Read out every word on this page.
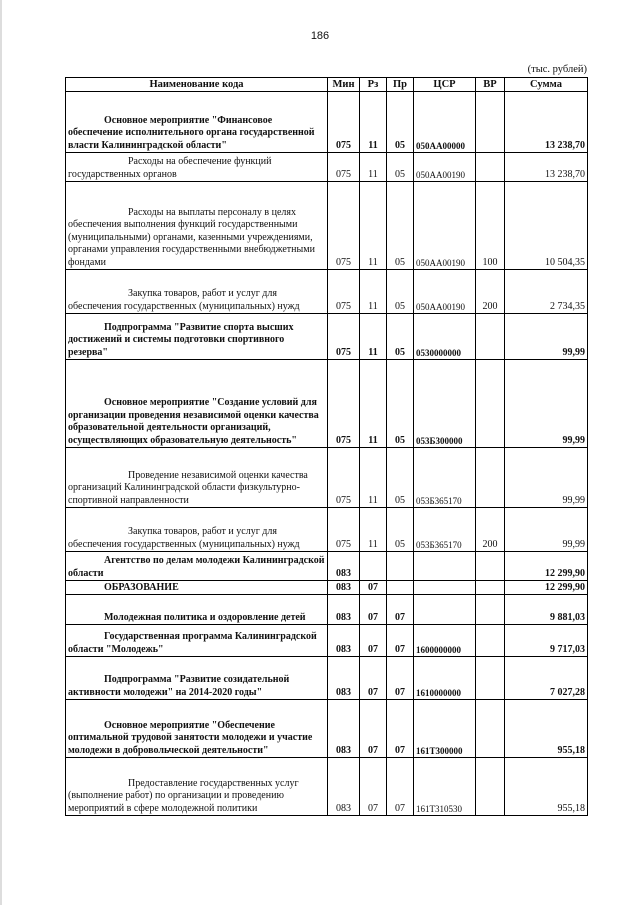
186
(тыс. рублей)
Наименование кода	Мин	Рз	Пр	ЦСР	ВР	Сумма
Основное мероприятие "Финансовое обеспечение исполнительного органа государственной власти Калининградской области"	075	11	05	050АА00000		13 238,70
Расходы на обеспечение функций государственных органов	075	11	05	050АА00190		13 238,70
Расходы на выплаты персоналу в целях обеспечения выполнения функций государственными (муниципальными) органами, казенными учреждениями, органами управления государственными внебюджетными фондами	075	11	05	050АА00190	100	10 504,35
Закупка товаров, работ и услуг для обеспечения государственных (муниципальных) нужд	075	11	05	050АА00190	200	2 734,35
Подпрограмма "Развитие спорта высших достижений и системы подготовки спортивного резерва"	075	11	05	0530000000		99,99
Основное мероприятие "Создание условий для организации проведения независимой оценки качества образовательной деятельности организаций, осуществляющих образовательную деятельность"	075	11	05	053Б300000		99,99
Проведение независимой оценки качества организаций Калининградской области физкультурно-спортивной направленности	075	11	05	053Б365170		99,99
Закупка товаров, работ и услуг для обеспечения государственных (муниципальных) нужд	075	11	05	053Б365170	200	99,99
Агентство по делам молодежи Калининградской области	083					12 299,90
ОБРАЗОВАНИЕ	083	07				12 299,90
Молодежная политика и оздоровление детей	083	07	07			9 881,03
Государственная программа Калининградской области "Молодежь"	083	07	07	1600000000		9 717,03
Подпрограмма "Развитие созидательной активности молодежи" на 2014-2020 годы"	083	07	07	1610000000		7 027,28
Основное мероприятие "Обеспечение оптимальной трудовой занятости молодежи и участие молодежи в добровольческой деятельности"	083	07	07	161Т300000		955,18
Предоставление государственных услуг (выполнение работ) по организации и проведению мероприятий в сфере молодежной политики	083	07	07	161Т310530		955,18
